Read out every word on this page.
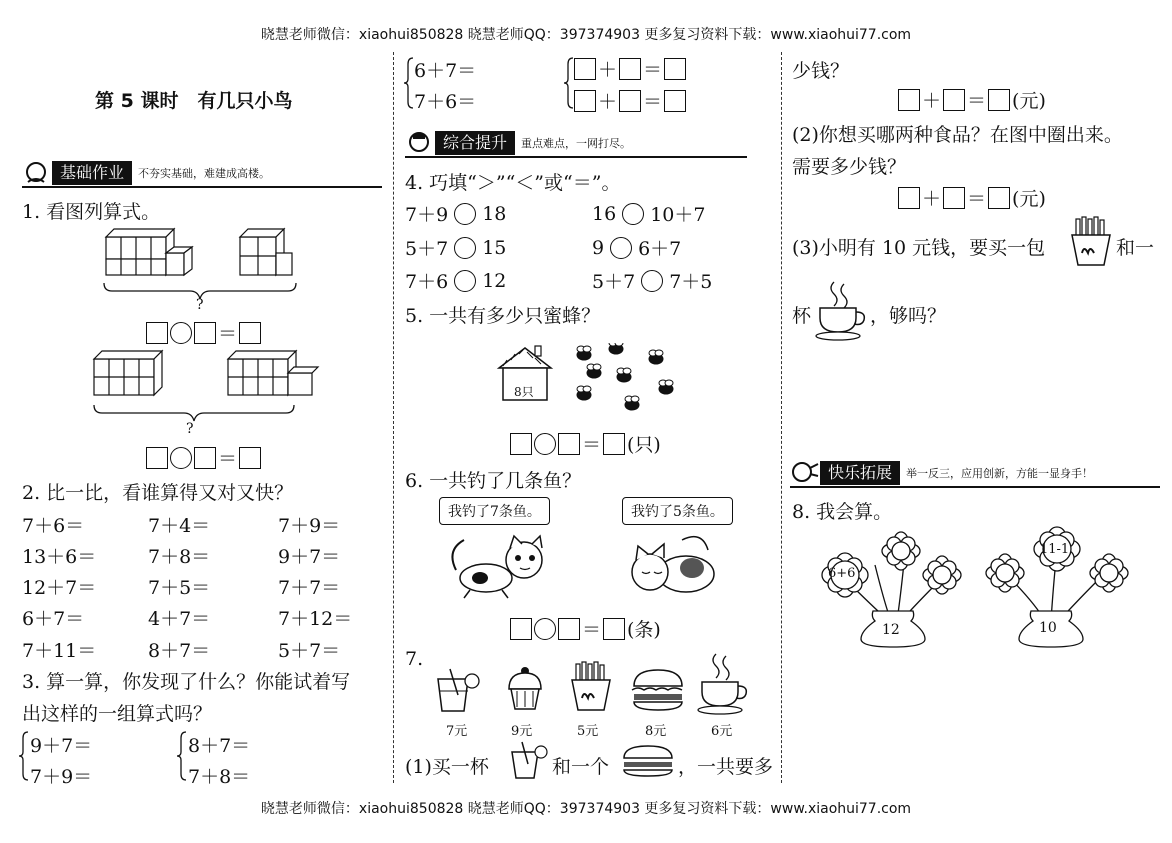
晓慧老师微信：xiaohui850828 晓慧老师QQ：397374903 更多复习资料下载：www.xiaohui77.com
晓慧老师微信：xiaohui850828 晓慧老师QQ：397374903 更多复习资料下载：www.xiaohui77.com
第 5 课时　有几只小鸟
基础作业	不夯实基础，难建成高楼。
1. 看图列算式。
?
＝
?
＝
2. 比一比，看谁算得又对又快？
7＋6＝	7＋4＝	7＋9＝
13＋6＝	7＋8＝	9＋7＝
12＋7＝	7＋5＝	7＋7＝
6＋7＝	4＋7＝	7＋12＝
7＋11＝	8＋7＝	5＋7＝
3. 算一算，你发现了什么？你能试着写
出这样的一组算式吗？
9＋7＝
7＋9＝
8＋7＝
7＋8＝
6＋7＝
7＋6＝
＋ ＝
＋ ＝
综合提升	重点难点，一网打尽。
4. 巧填“＞”“＜”或“＝”。
7＋9 18	16 10＋7
5＋7 15	9 6＋7
7＋6 12	5＋7 7＋5
5. 一共有多少只蜜蜂？
8只
＝ (只)
6. 一共钓了几条鱼？
我钓了7条鱼。	我钓了5条鱼。
＝ (条)
7.
7元	9元	5元	8元	6元
(1)买一杯	和一个	，一共要多
少钱？
＋ ＝ (元)
(2)你想买哪两种食品？在图中圈出来。
需要多少钱？
＋ ＝ (元)
(3)小明有 10 元钱，要买一包	和一
杯	，够吗？
快乐拓展	举一反三，应用创新，方能一显身手！
8. 我会算。
6+6
12
11-1
10
